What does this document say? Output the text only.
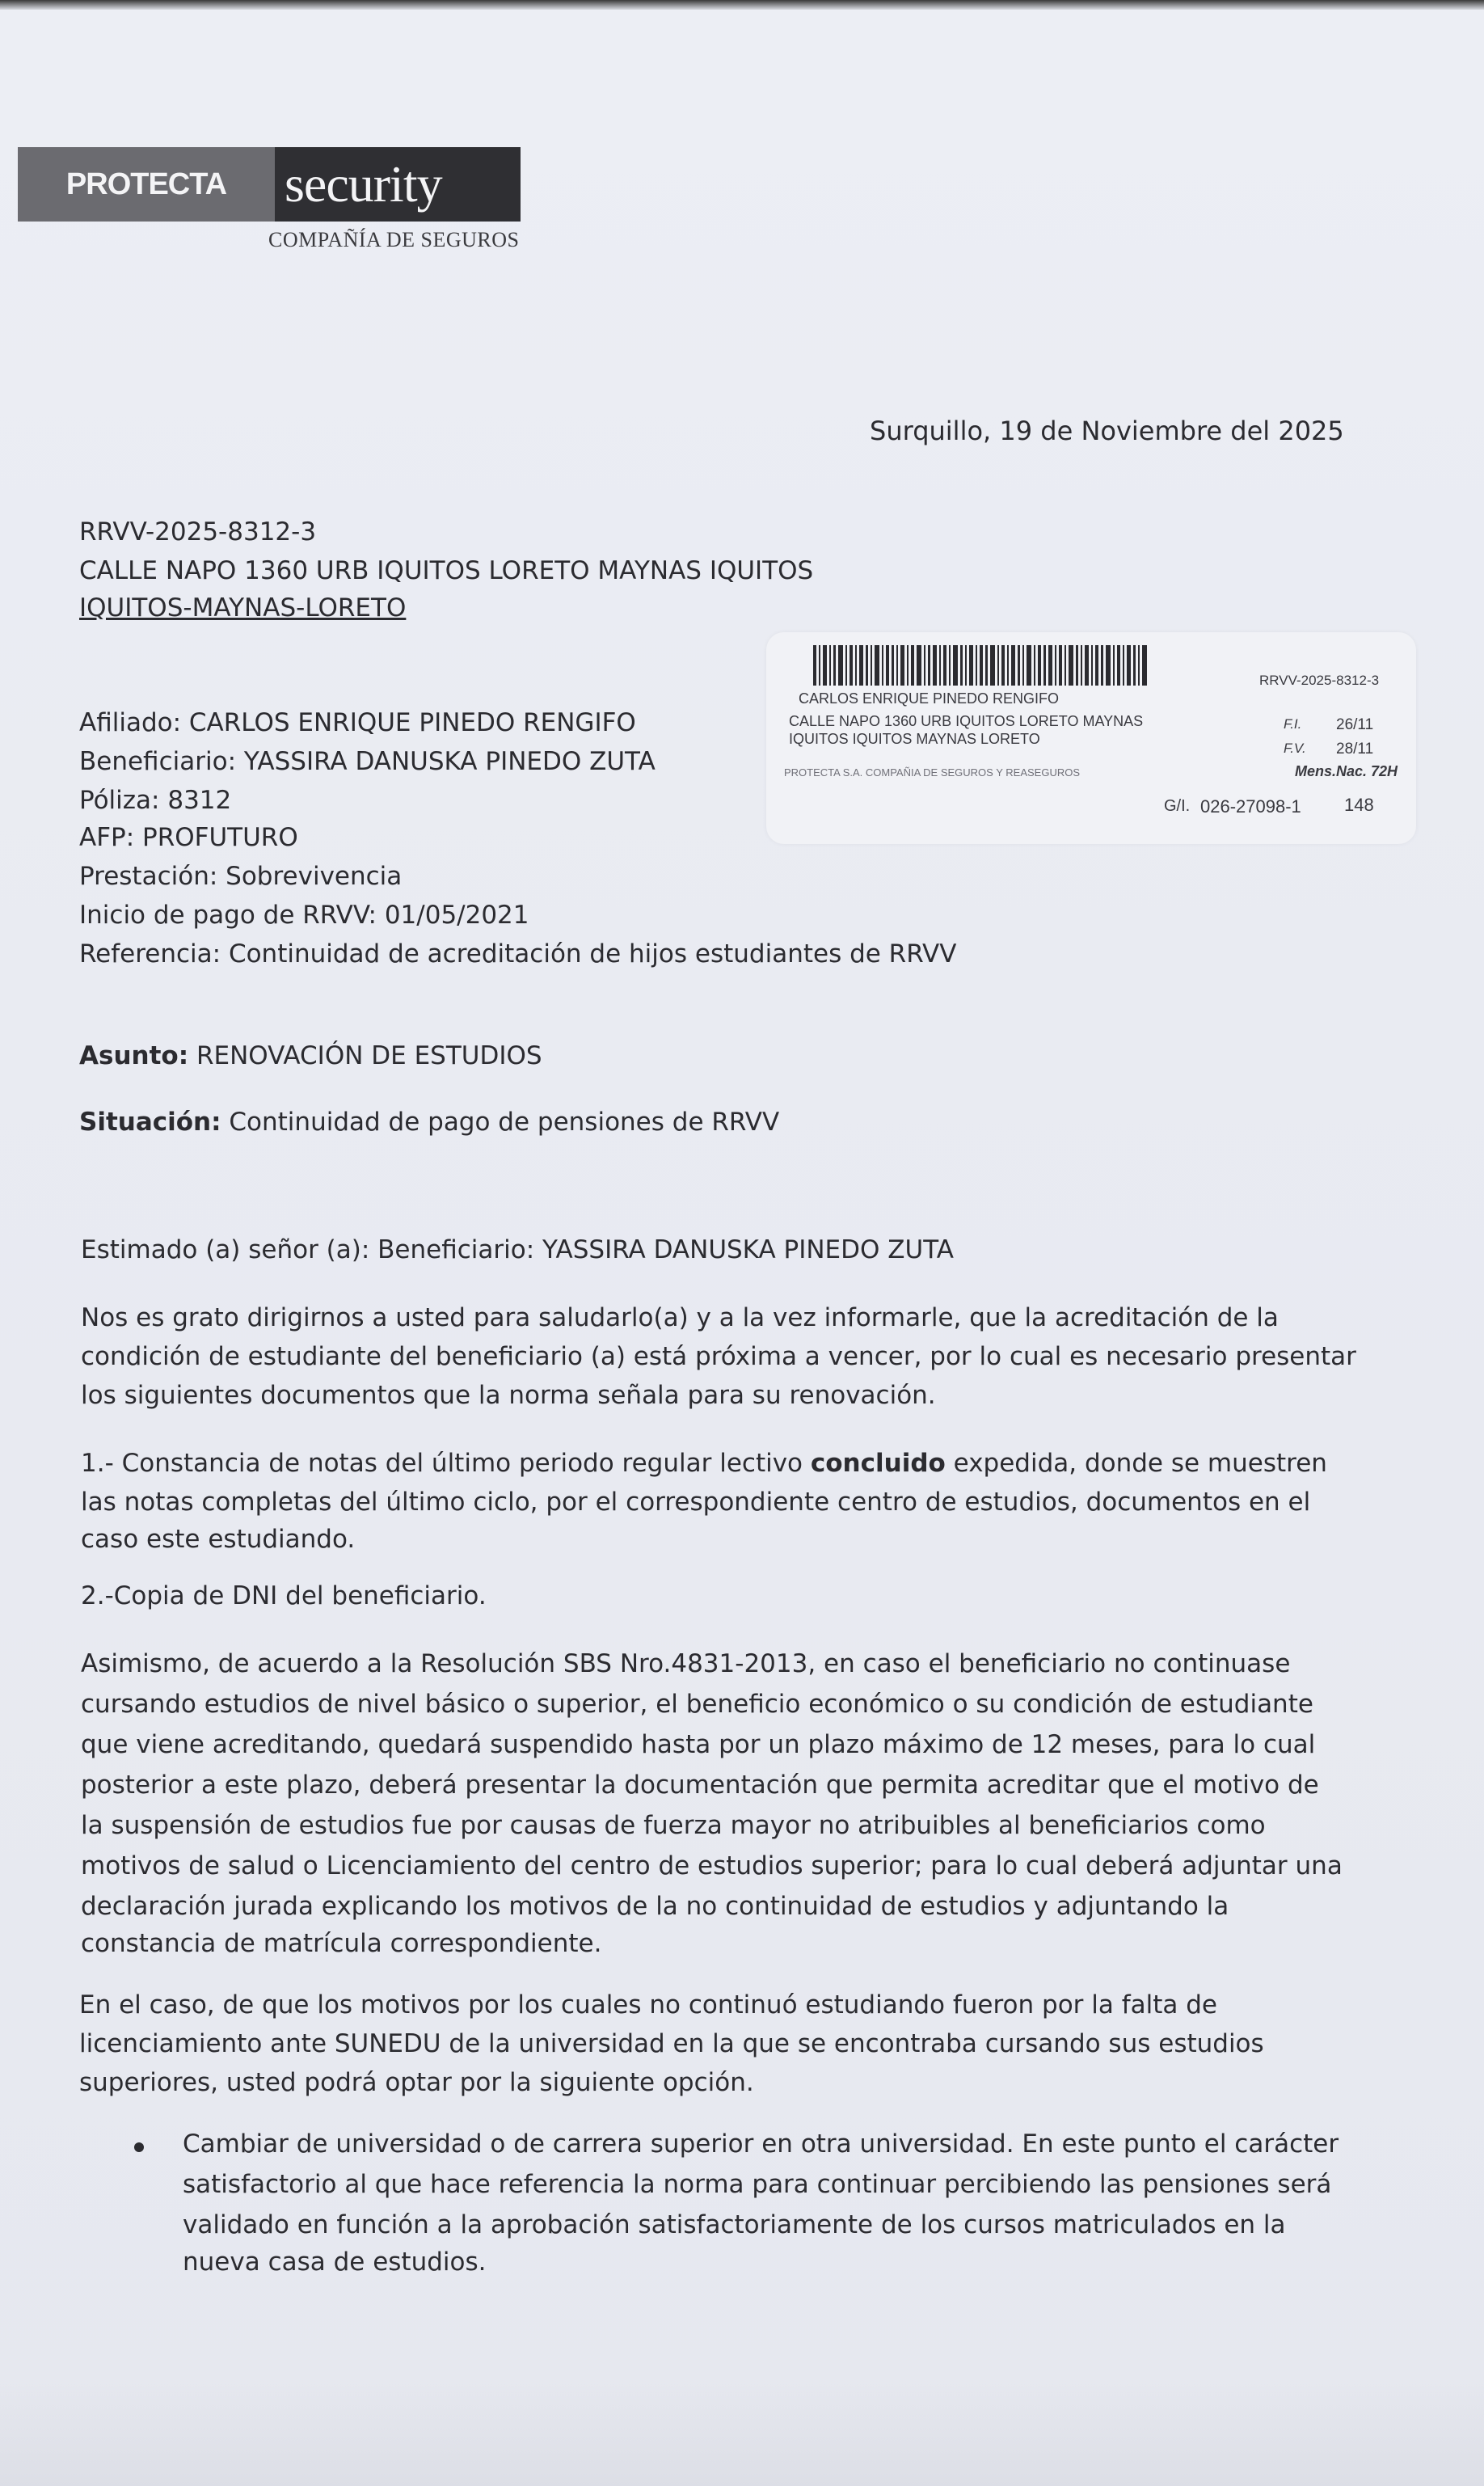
PROTECTA	security
COMPAÑÍA DE SEGUROS
Surquillo, 19 de Noviembre del 2025
RRVV-2025-8312-3
CALLE NAPO 1360 URB IQUITOS LORETO MAYNAS IQUITOS
IQUITOS-MAYNAS-LORETO
RRVV-2025-8312-3
CARLOS ENRIQUE PINEDO RENGIFO
CALLE NAPO 1360 URB IQUITOS LORETO MAYNAS
IQUITOS IQUITOS MAYNAS LORETO
F.I. 26/11
F.V. 28/11
PROTECTA S.A. COMPAÑIA DE SEGUROS Y REASEGUROS	Mens.Nac. 72H
G/I. 026-27098-1 148
Afiliado: CARLOS ENRIQUE PINEDO RENGIFO
Beneficiario: YASSIRA DANUSKA PINEDO ZUTA
Póliza: 8312
AFP: PROFUTURO
Prestación: Sobrevivencia
Inicio de pago de RRVV: 01/05/2021
Referencia: Continuidad de acreditación de hijos estudiantes de RRVV
Asunto: RENOVACIÓN DE ESTUDIOS
Situación: Continuidad de pago de pensiones de RRVV
Estimado (a) señor (a): Beneficiario: YASSIRA DANUSKA PINEDO ZUTA
Nos es grato dirigirnos a usted para saludarlo(a) y a la vez informarle, que la acreditación de la
condición de estudiante del beneficiario (a) está próxima a vencer, por lo cual es necesario presentar
los siguientes documentos que la norma señala para su renovación.
1.- Constancia de notas del último periodo regular lectivo concluido expedida, donde se muestren
las notas completas del último ciclo, por el correspondiente centro de estudios, documentos en el
caso este estudiando.
2.-Copia de DNI del beneficiario.
Asimismo, de acuerdo a la Resolución SBS Nro.4831-2013, en caso el beneficiario no continuase
cursando estudios de nivel básico o superior, el beneficio económico o su condición de estudiante
que viene acreditando, quedará suspendido hasta por un plazo máximo de 12 meses, para lo cual
posterior a este plazo, deberá presentar la documentación que permita acreditar que el motivo de
la suspensión de estudios fue por causas de fuerza mayor no atribuibles al beneficiarios como
motivos de salud o Licenciamiento del centro de estudios superior; para lo cual deberá adjuntar una
declaración jurada explicando los motivos de la no continuidad de estudios y adjuntando la
constancia de matrícula correspondiente.
En el caso, de que los motivos por los cuales no continuó estudiando fueron por la falta de
licenciamiento ante SUNEDU de la universidad en la que se encontraba cursando sus estudios
superiores, usted podrá optar por la siguiente opción.
Cambiar de universidad o de carrera superior en otra universidad. En este punto el carácter
satisfactorio al que hace referencia la norma para continuar percibiendo las pensiones será
validado en función a la aprobación satisfactoriamente de los cursos matriculados en la
nueva casa de estudios.
